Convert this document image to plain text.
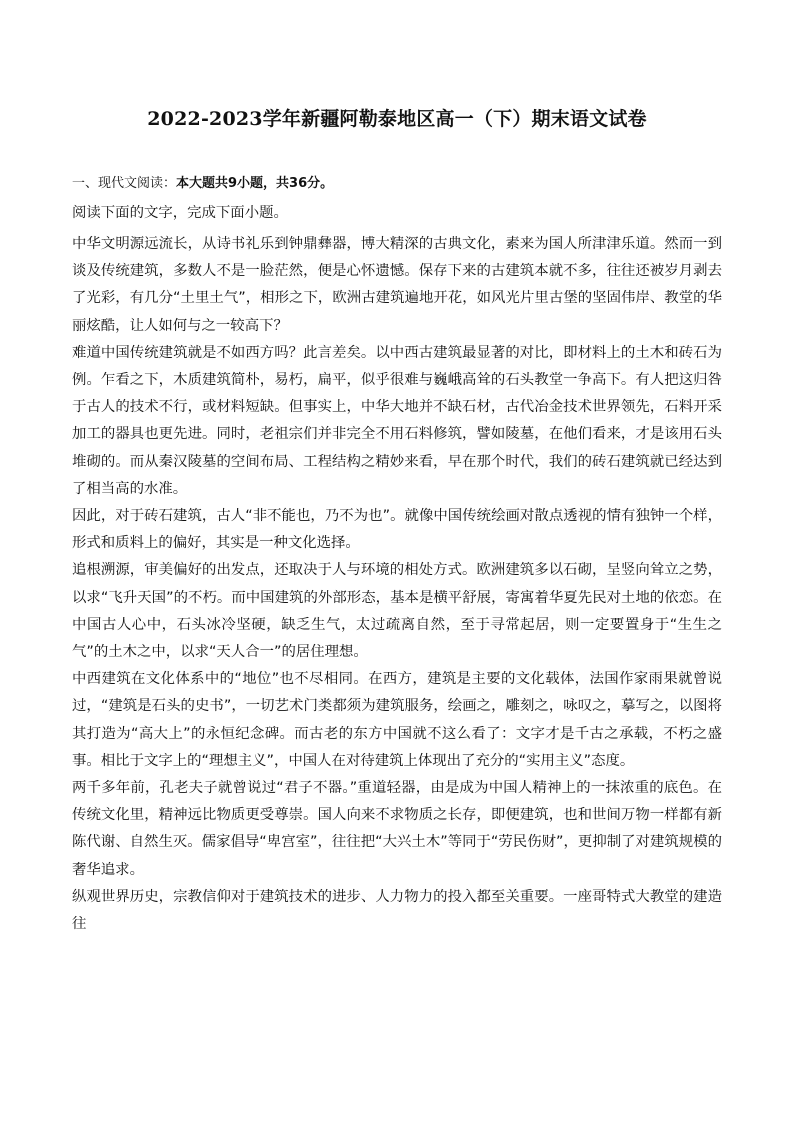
2022-2023学年新疆阿勒泰地区高一（下）期末语文试卷
一、现代文阅读：本大题共9小题，共36分。
阅读下面的文字，完成下面小题。

中华文明源远流长，从诗书礼乐到钟鼎彝器，博大精深的古典文化，素来为国人所津津乐道。然而一到谈及传统建筑，多数人不是一脸茫然，便是心怀遗憾。保存下来的古建筑本就不多，往往还被岁月剥去了光彩，有几分“土里土气”，相形之下，欧洲古建筑遍地开花，如风光片里古堡的坚固伟岸、教堂的华丽炫酷，让人如何与之一较高下？

难道中国传统建筑就是不如西方吗？此言差矣。以中西古建筑最显著的对比，即材料上的土木和砖石为例。乍看之下，木质建筑简朴，易朽，扁平，似乎很难与巍峨高耸的石头教堂一争高下。有人把这归咎于古人的技术不行，或材料短缺。但事实上，中华大地并不缺石材，古代冶金技术世界领先，石料开采加工的器具也更先进。同时，老祖宗们并非完全不用石料修筑，譬如陵墓，在他们看来，才是该用石头堆砌的。而从秦汉陵墓的空间布局、工程结构之精妙来看，早在那个时代，我们的砖石建筑就已经达到了相当高的水准。

因此，对于砖石建筑，古人“非不能也，乃不为也”。就像中国传统绘画对散点透视的情有独钟一个样，形式和质料上的偏好，其实是一种文化选择。

追根溯源，审美偏好的出发点，还取决于人与环境的相处方式。欧洲建筑多以石砌，呈竖向耸立之势，以求“飞升天国”的不朽。而中国建筑的外部形态，基本是横平舒展，寄寓着华夏先民对土地的依恋。在中国古人心中，石头冰冷坚硬，缺乏生气，太过疏离自然，至于寻常起居，则一定要置身于“生生之气”的土木之中，以求“天人合一”的居住理想。

中西建筑在文化体系中的“地位”也不尽相同。在西方，建筑是主要的文化载体，法国作家雨果就曾说过，“建筑是石头的史书”，一切艺术门类都须为建筑服务，绘画之，雕刻之，咏叹之，摹写之，以图将其打造为“高大上”的永恒纪念碑。而古老的东方中国就不这么看了：文字才是千古之承载，不朽之盛事。相比于文字上的“理想主义”，中国人在对待建筑上体现出了充分的“实用主义”态度。

两千多年前，孔老夫子就曾说过“君子不器。”重道轻器，由是成为中国人精神上的一抹浓重的底色。在传统文化里，精神远比物质更受尊崇。国人向来不求物质之长存，即便建筑，也和世间万物一样都有新陈代谢、自然生灭。儒家倡导“卑宫室”，往往把“大兴土木”等同于“劳民伤财”，更抑制了对建筑规模的奢华追求。

纵观世界历史，宗教信仰对于建筑技术的进步、人力物力的投入都至关重要。一座哥特式大教堂的建造往
